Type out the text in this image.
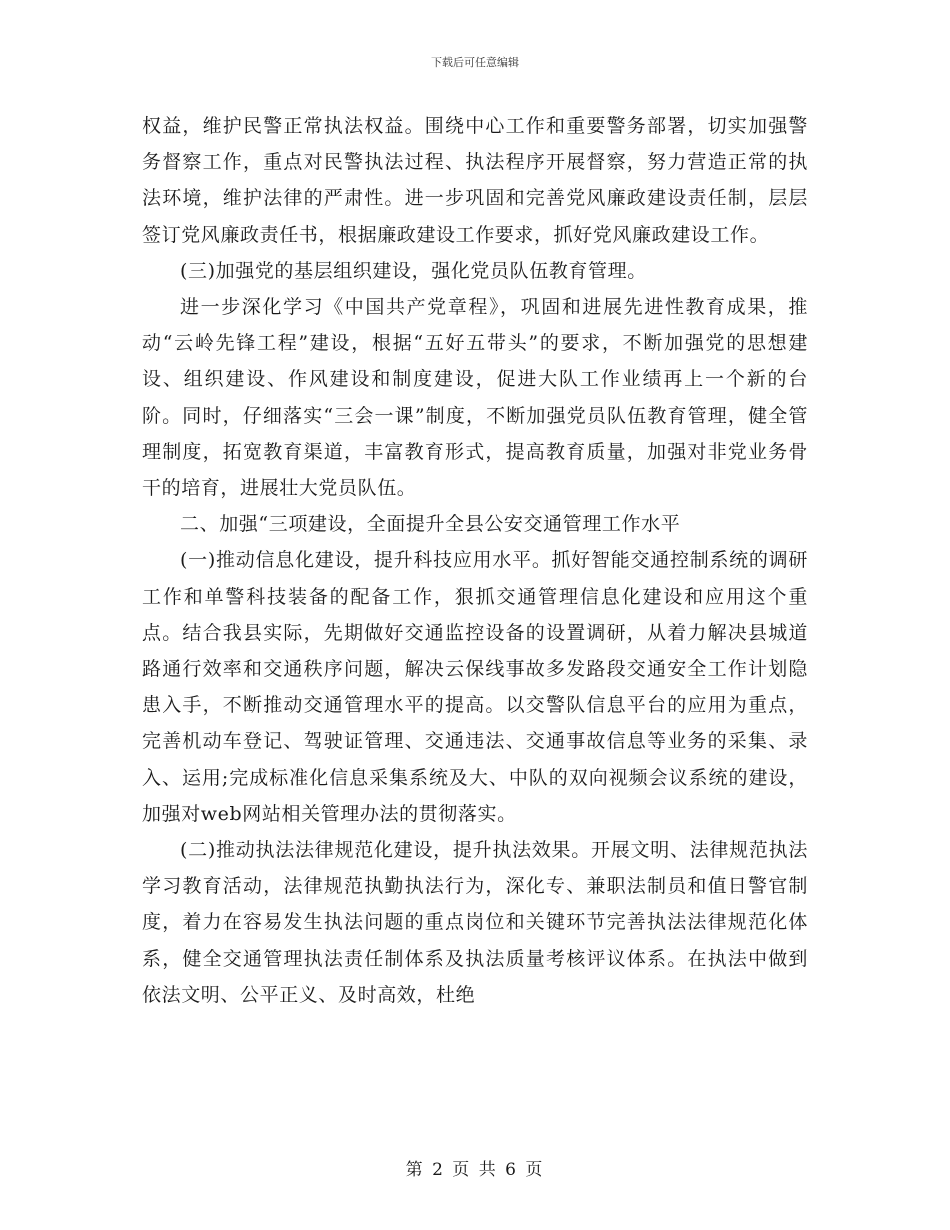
下载后可任意编辑

权益，维护民警正常执法权益。围绕中心工作和重要警务部署，切实加强警务督察工作，重点对民警执法过程、执法程序开展督察，努力营造正常的执法环境，维护法律的严肃性。进一步巩固和完善党风廉政建设责任制，层层签订党风廉政责任书，根据廉政建设工作要求，抓好党风廉政建设工作。

(三)加强党的基层组织建设，强化党员队伍教育管理。

进一步深化学习《中国共产党章程》，巩固和进展先进性教育成果，推动“云岭先锋工程”建设，根据“五好五带头”的要求，不断加强党的思想建设、组织建设、作风建设和制度建设，促进大队工作业绩再上一个新的台阶。同时，仔细落实“三会一课”制度，不断加强党员队伍教育管理，健全管理制度，拓宽教育渠道，丰富教育形式，提高教育质量，加强对非党业务骨干的培育，进展壮大党员队伍。

二、加强“三项建设，全面提升全县公安交通管理工作水平

(一)推动信息化建设，提升科技应用水平。抓好智能交通控制系统的调研工作和单警科技装备的配备工作，狠抓交通管理信息化建设和应用这个重点。结合我县实际，先期做好交通监控设备的设置调研，从着力解决县城道路通行效率和交通秩序问题，解决云保线事故多发路段交通安全工作计划隐患入手，不断推动交通管理水平的提高。以交警队信息平台的应用为重点，完善机动车登记、驾驶证管理、交通违法、交通事故信息等业务的采集、录入、运用;完成标准化信息采集系统及大、中队的双向视频会议系统的建设，加强对web网站相关管理办法的贯彻落实。

(二)推动执法法律规范化建设，提升执法效果。开展文明、法律规范执法学习教育活动，法律规范执勤执法行为，深化专、兼职法制员和值日警官制度，着力在容易发生执法问题的重点岗位和关键环节完善执法法律规范化体系，健全交通管理执法责任制体系及执法质量考核评议体系。在执法中做到依法文明、公平正义、及时高效，杜绝

第 2 页 共 6 页
